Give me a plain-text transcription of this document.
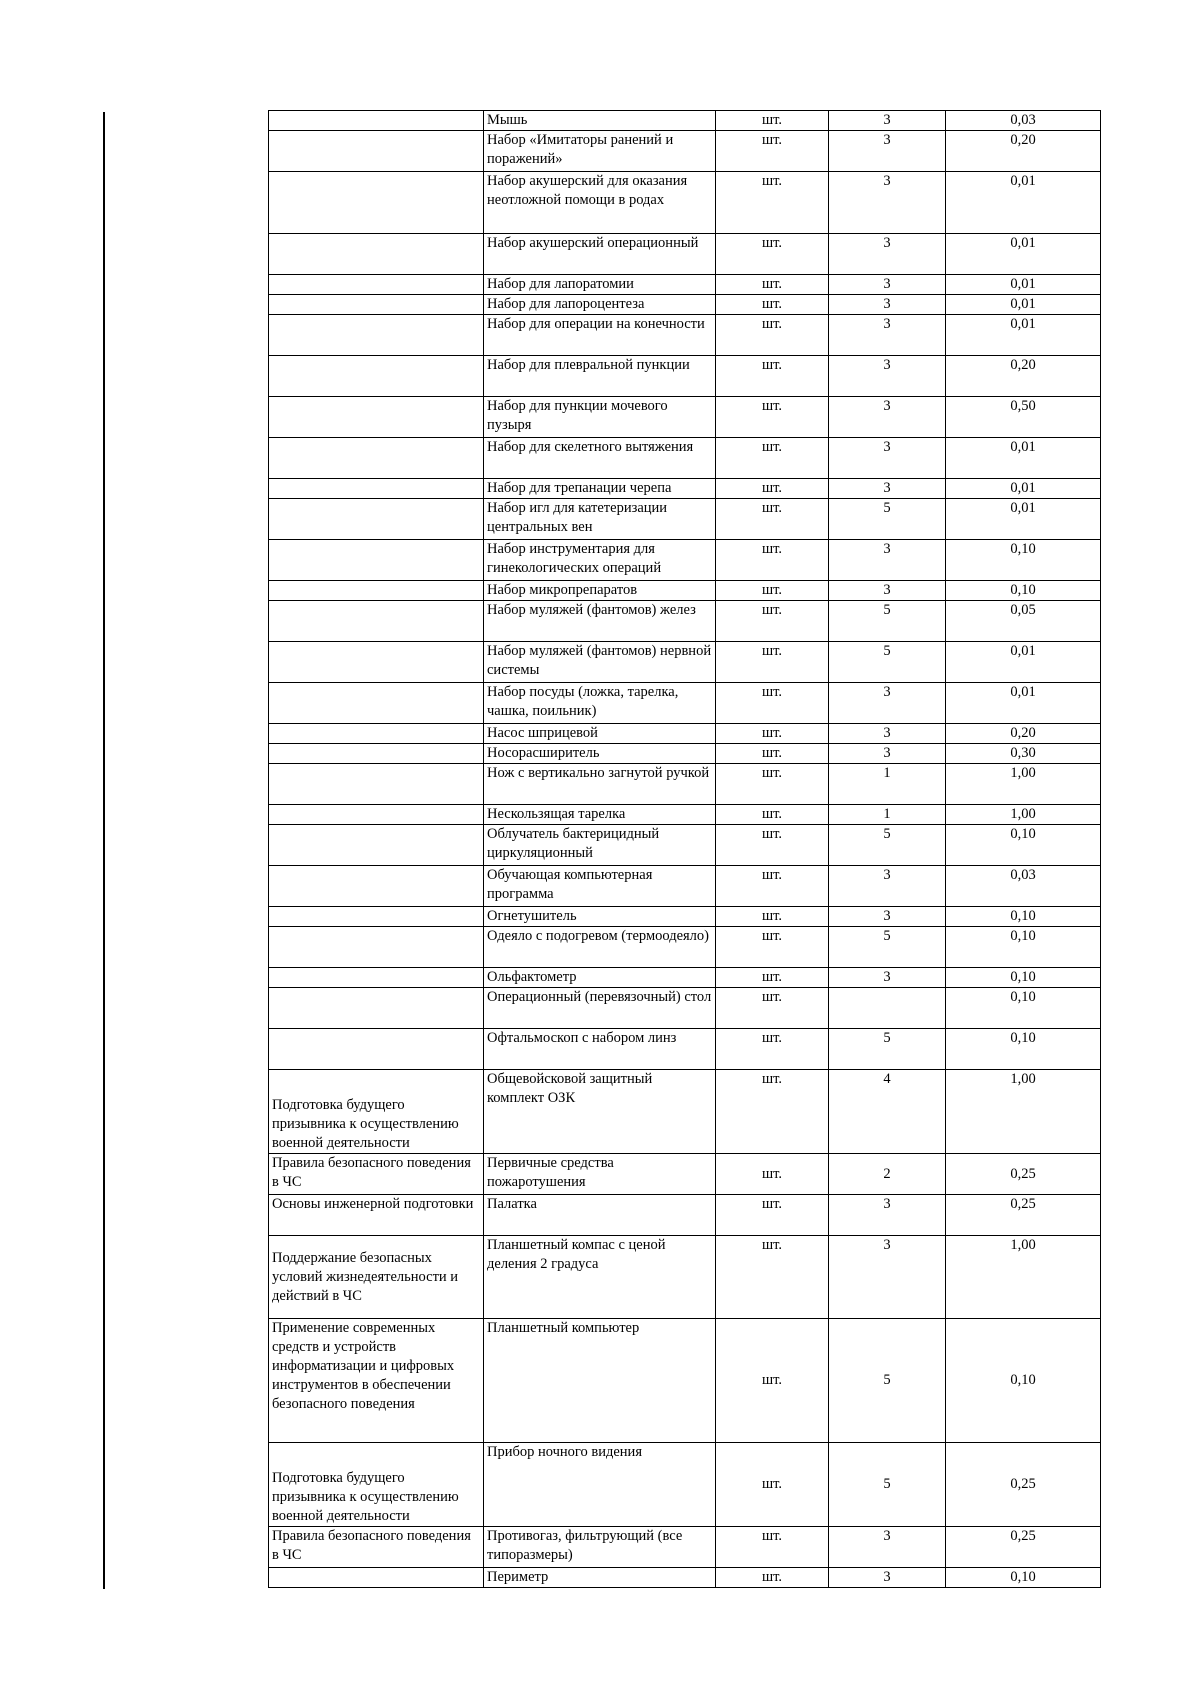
	Мышь	шт.	3	0,03
	Набор «Имитаторы ранений и поражений»	шт.	3	0,20
	Набор акушерский для оказания неотложной помощи в родах	шт.	3	0,01
	Набор акушерский операционный	шт.	3	0,01
	Набор для лапоратомии	шт.	3	0,01
	Набор для лапороцентеза	шт.	3	0,01
	Набор для операции на конечности	шт.	3	0,01
	Набор для плевральной пункции	шт.	3	0,20
	Набор для пункции мочевого пузыря	шт.	3	0,50
	Набор для скелетного вытяжения	шт.	3	0,01
	Набор для трепанации черепа	шт.	3	0,01
	Набор игл для катетеризации центральных вен	шт.	5	0,01
	Набор инструментария для гинекологических операций	шт.	3	0,10
	Набор микропрепаратов	шт.	3	0,10
	Набор муляжей (фантомов) желез	шт.	5	0,05
	Набор муляжей (фантомов) нервной системы	шт.	5	0,01
	Набор посуды (ложка, тарелка, чашка, поильник)	шт.	3	0,01
	Насос шприцевой	шт.	3	0,20
	Носорасширитель	шт.	3	0,30
	Нож с вертикально загнутой ручкой	шт.	1	1,00
	Нескользящая тарелка	шт.	1	1,00
	Облучатель бактерицидный циркуляционный	шт.	5	0,10
	Обучающая компьютерная программа	шт.	3	0,03
	Огнетушитель	шт.	3	0,10
	Одеяло с подогревом (термоодеяло)	шт.	5	0,10
	Ольфактометр	шт.	3	0,10
	Операционный (перевязочный) стол	шт.		0,10
	Офтальмоскоп с набором линз	шт.	5	0,10
Подготовка будущего призывника к осуществлению военной деятельности	Общевойсковой защитный комплект ОЗК	шт.	4	1,00
Правила безопасного поведения в ЧС	Первичные средства пожаротушения	шт.	2	0,25
Основы инженерной подготовки	Палатка	шт.	3	0,25
Поддержание безопасных условий жизнедеятельности и действий в ЧС	Планшетный компас с ценой деления 2 градуса	шт.	3	1,00
Применение современных средств и устройств информатизации и цифровых инструментов в обеспечении безопасного поведения	Планшетный компьютер	шт.	5	0,10
Подготовка будущего призывника к осуществлению военной деятельности	Прибор ночного видения	шт.	5	0,25
Правила безопасного поведения в ЧС	Противогаз, фильтрующий (все типоразмеры)	шт.	3	0,25
	Периметр	шт.	3	0,10
